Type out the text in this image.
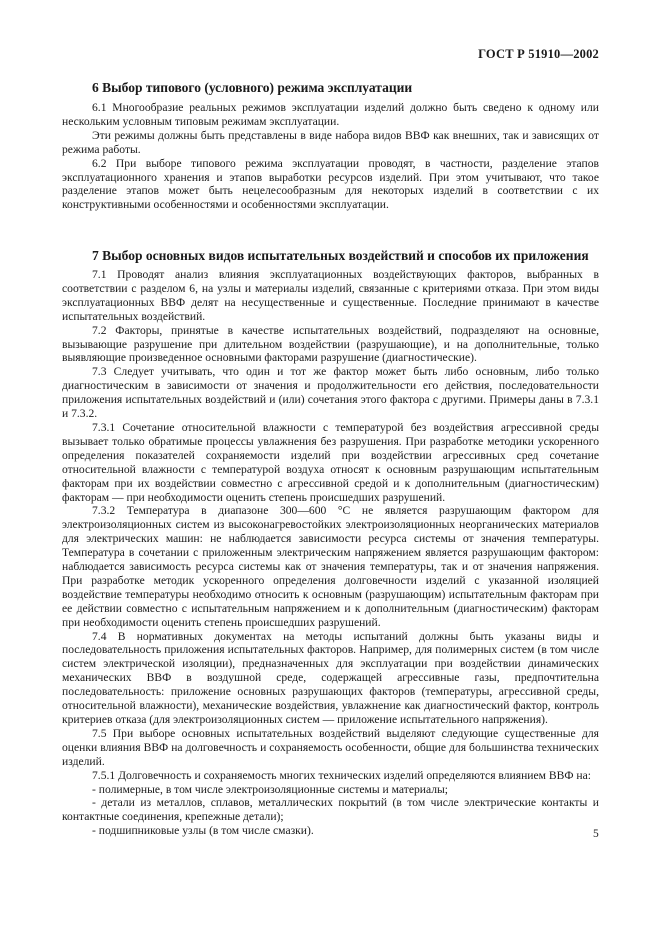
ГОСТ Р 51910—2002
6 Выбор типового (условного) режима эксплуатации

6.1 Многообразие реальных режимов эксплуатации изделий должно быть сведено к одному или нескольким условным типовым режимам эксплуатации.

Эти режимы должны быть представлены в виде набора видов ВВФ как внешних, так и зависящих от режима работы.

6.2 При выборе типового режима эксплуатации проводят, в частности, разделение этапов эксплуатационного хранения и этапов выработки ресурсов изделий. При этом учитывают, что такое разделение этапов может быть нецелесообразным для некоторых изделий в соответствии с их конструктивными особенностями и особенностями эксплуатации.

7 Выбор основных видов испытательных воздействий и способов их приложения

7.1 Проводят анализ влияния эксплуатационных воздействующих факторов, выбранных в соответствии с разделом 6, на узлы и материалы изделий, связанные с критериями отказа. При этом виды эксплуатационных ВВФ делят на несущественные и существенные. Последние принимают в качестве испытательных воздействий.

7.2 Факторы, принятые в качестве испытательных воздействий, подразделяют на основные, вызывающие разрушение при длительном воздействии (разрушающие), и на дополнительные, только выявляющие произведенное основными факторами разрушение (диагностические).

7.3 Следует учитывать, что один и тот же фактор может быть либо основным, либо только диагностическим в зависимости от значения и продолжительности его действия, последовательности приложения испытательных воздействий и (или) сочетания этого фактора с другими. Примеры даны в 7.3.1 и 7.3.2.

7.3.1 Сочетание относительной влажности с температурой без воздействия агрессивной среды вызывает только обратимые процессы увлажнения без разрушения. При разработке методики ускоренного определения показателей сохраняемости изделий при воздействии агрессивных сред сочетание относительной влажности с температурой воздуха относят к основным разрушающим испытательным факторам при их воздействии совместно с агрессивной средой и к дополнительным (диагностическим) факторам — при необходимости оценить степень происшедших разрушений.

7.3.2 Температура в диапазоне 300—600 °С не является разрушающим фактором для электроизоляционных систем из высоконагревостойких электроизоляционных неорганических материалов для электрических машин: не наблюдается зависимости ресурса системы от значения температуры. Температура в сочетании с приложенным электрическим напряжением является разрушающим фактором: наблюдается зависимость ресурса системы как от значения температуры, так и от значения напряжения. При разработке методик ускоренного определения долговечности изделий с указанной изоляцией воздействие температуры необходимо относить к основным (разрушающим) испытательным факторам при ее действии совместно с испытательным напряжением и к дополнительным (диагностическим) факторам при необходимости оценить степень происшедших разрушений.

7.4 В нормативных документах на методы испытаний должны быть указаны виды и последовательность приложения испытательных факторов. Например, для полимерных систем (в том числе систем электрической изоляции), предназначенных для эксплуатации при воздействии динамических механических ВВФ в воздушной среде, содержащей агрессивные газы, предпочтительна последовательность: приложение основных разрушающих факторов (температуры, агрессивной среды, относительной влажности), механические воздействия, увлажнение как диагностический фактор, контроль критериев отказа (для электроизоляционных систем — приложение испытательного напряжения).

7.5 При выборе основных испытательных воздействий выделяют следующие существенные для оценки влияния ВВФ на долговечность и сохраняемость особенности, общие для большинства технических изделий.

7.5.1 Долговечность и сохраняемость многих технических изделий определяются влиянием ВВФ на:

- полимерные, в том числе электроизоляционные системы и материалы;

- детали из металлов, сплавов, металлических покрытий (в том числе электрические контакты и контактные соединения, крепежные детали);

- подшипниковые узлы (в том числе смазки).	5
